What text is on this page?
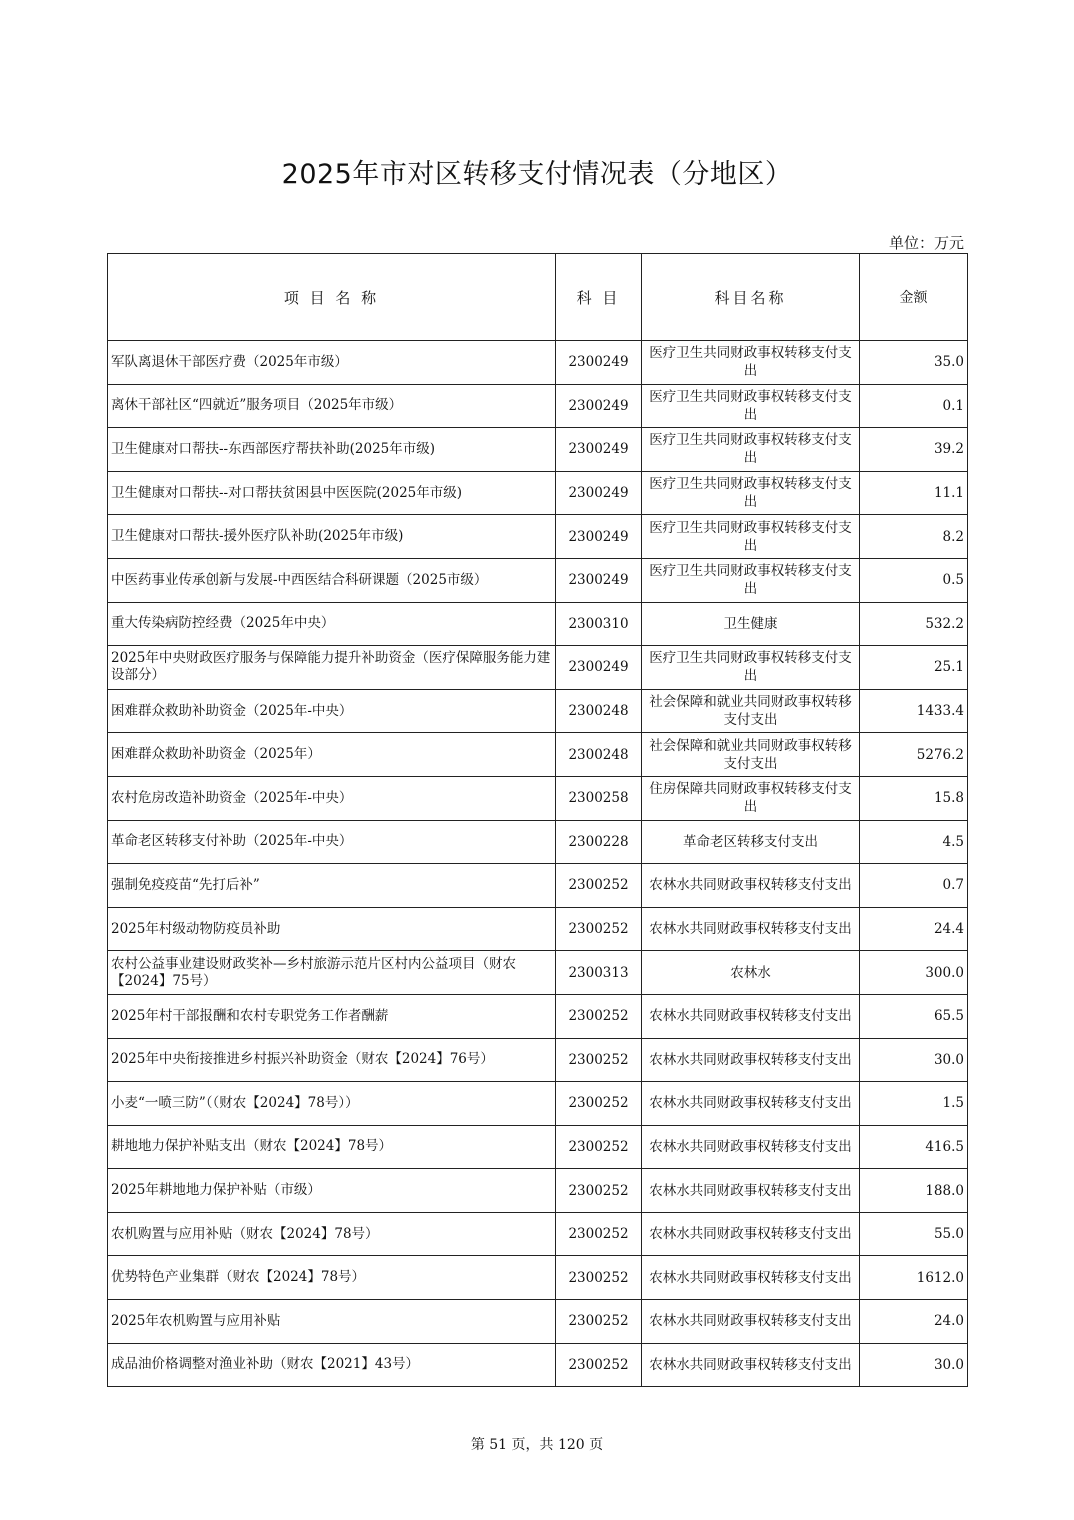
2025年市对区转移支付情况表（分地区）
单位：万元
项 目 名 称	科 目	科目名称	金额
军队离退休干部医疗费（2025年市级）	2300249	医疗卫生共同财政事权转移支付支出	35.0
离休干部社区“四就近”服务项目（2025年市级）	2300249	医疗卫生共同财政事权转移支付支出	0.1
卫生健康对口帮扶--东西部医疗帮扶补助(2025年市级)	2300249	医疗卫生共同财政事权转移支付支出	39.2
卫生健康对口帮扶--对口帮扶贫困县中医医院(2025年市级)	2300249	医疗卫生共同财政事权转移支付支出	11.1
卫生健康对口帮扶-援外医疗队补助(2025年市级)	2300249	医疗卫生共同财政事权转移支付支出	8.2
中医药事业传承创新与发展-中西医结合科研课题（2025市级）	2300249	医疗卫生共同财政事权转移支付支出	0.5
重大传染病防控经费（2025年中央）	2300310	卫生健康	532.2
2025年中央财政医疗服务与保障能力提升补助资金（医疗保障服务能力建设部分）	2300249	医疗卫生共同财政事权转移支付支出	25.1
困难群众救助补助资金（2025年-中央）	2300248	社会保障和就业共同财政事权转移支付支出	1433.4
困难群众救助补助资金（2025年）	2300248	社会保障和就业共同财政事权转移支付支出	5276.2
农村危房改造补助资金（2025年-中央）	2300258	住房保障共同财政事权转移支付支出	15.8
革命老区转移支付补助（2025年-中央）	2300228	革命老区转移支付支出	4.5
强制免疫疫苗“先打后补”	2300252	农林水共同财政事权转移支付支出	0.7
2025年村级动物防疫员补助	2300252	农林水共同财政事权转移支付支出	24.4
农村公益事业建设财政奖补—乡村旅游示范片区村内公益项目（财农【2024】75号）	2300313	农林水	300.0
2025年村干部报酬和农村专职党务工作者酬薪	2300252	农林水共同财政事权转移支付支出	65.5
2025年中央衔接推进乡村振兴补助资金（财农【2024】76号）	2300252	农林水共同财政事权转移支付支出	30.0
小麦“一喷三防”（（财农【2024】78号））	2300252	农林水共同财政事权转移支付支出	1.5
耕地地力保护补贴支出（财农【2024】78号）	2300252	农林水共同财政事权转移支付支出	416.5
2025年耕地地力保护补贴（市级）	2300252	农林水共同财政事权转移支付支出	188.0
农机购置与应用补贴（财农【2024】78号）	2300252	农林水共同财政事权转移支付支出	55.0
优势特色产业集群（财农【2024】78号）	2300252	农林水共同财政事权转移支付支出	1612.0
2025年农机购置与应用补贴	2300252	农林水共同财政事权转移支付支出	24.0
成品油价格调整对渔业补助（财农【2021】43号）	2300252	农林水共同财政事权转移支付支出	30.0
第 51 页，共 120 页
